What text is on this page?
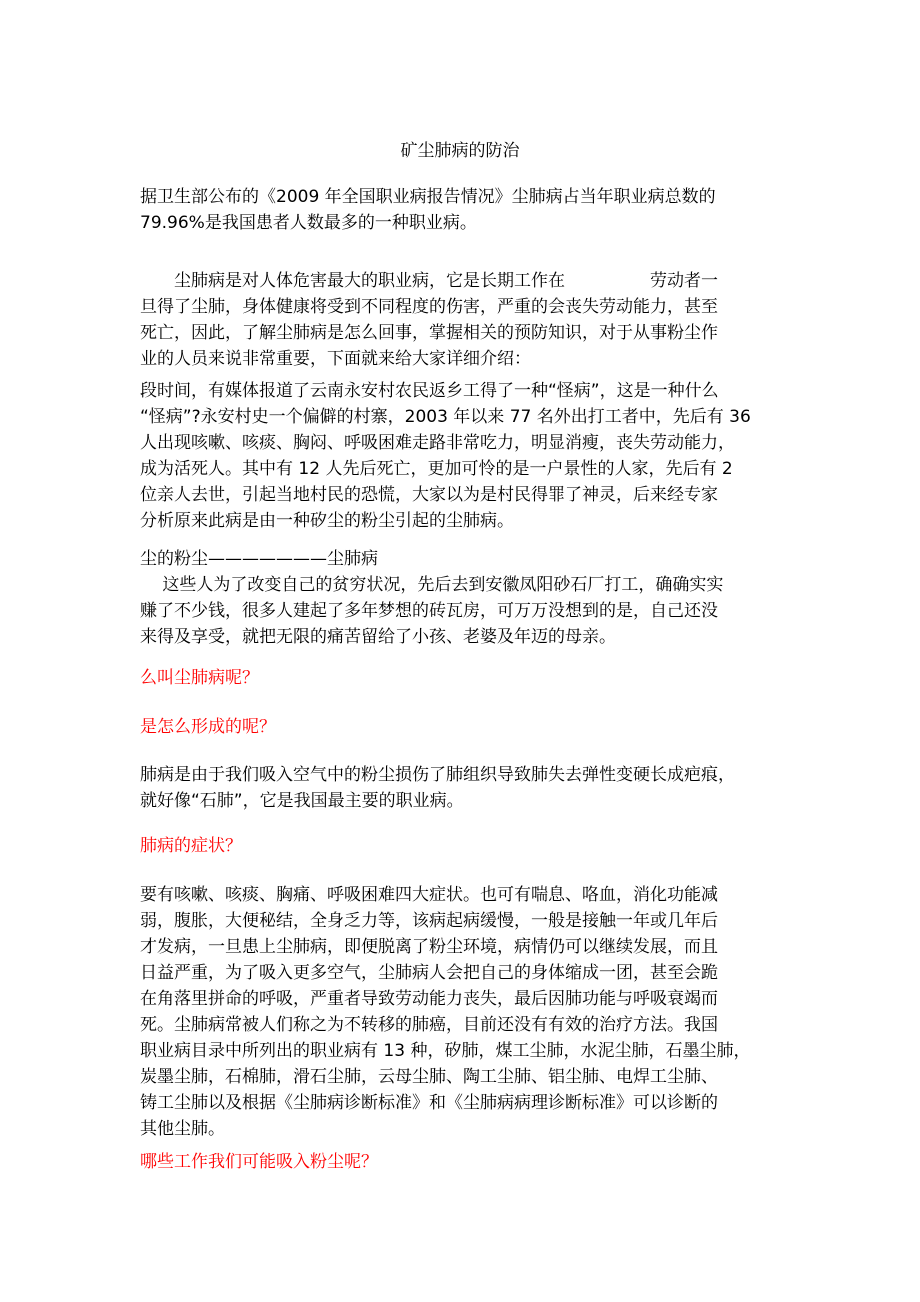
矿尘肺病的防治
据卫生部公布的《2009 年全国职业病报告情况》尘肺病占当年职业病总数的
79.96%是我国患者人数最多的一种职业病。
　　尘肺病是对人体危害最大的职业病，它是长期工作在　　　　　劳动者一
旦得了尘肺，身体健康将受到不同程度的伤害，严重的会丧失劳动能力，甚至
死亡，因此，了解尘肺病是怎么回事，掌握相关的预防知识，对于从事粉尘作
业的人员来说非常重要，下面就来给大家详细介绍：
段时间，有媒体报道了云南永安村农民返乡工得了一种“怪病”，这是一种什么
“怪病”?永安村史一个偏僻的村寨，2003 年以来 77 名外出打工者中，先后有 36
人出现咳嗽、咳痰、胸闷、呼吸困难走路非常吃力，明显消瘦，丧失劳动能力，
成为活死人。其中有 12 人先后死亡，更加可怜的是一户景性的人家，先后有 2
位亲人去世，引起当地村民的恐慌，大家以为是村民得罪了神灵，后来经专家
分析原来此病是由一种矽尘的粉尘引起的尘肺病。
尘的粉尘———————尘肺病
　 这些人为了改变自己的贫穷状况，先后去到安徽凤阳砂石厂打工，确确实实
赚了不少钱，很多人建起了多年梦想的砖瓦房，可万万没想到的是，自己还没
来得及享受，就把无限的痛苦留给了小孩、老婆及年迈的母亲。
么叫尘肺病呢？
是怎么形成的呢？
肺病是由于我们吸入空气中的粉尘损伤了肺组织导致肺失去弹性变硬长成疤痕，
就好像“石肺”，它是我国最主要的职业病。
肺病的症状？
要有咳嗽、咳痰、胸痛、呼吸困难四大症状。也可有喘息、咯血，消化功能减
弱，腹胀，大便秘结，全身乏力等，该病起病缓慢，一般是接触一年或几年后
才发病，一旦患上尘肺病，即便脱离了粉尘环境，病情仍可以继续发展，而且
日益严重，为了吸入更多空气，尘肺病人会把自己的身体缩成一团，甚至会跪
在角落里拼命的呼吸，严重者导致劳动能力丧失，最后因肺功能与呼吸衰竭而
死。尘肺病常被人们称之为不转移的肺癌，目前还没有有效的治疗方法。我国
职业病目录中所列出的职业病有 13 种，矽肺，煤工尘肺，水泥尘肺，石墨尘肺，
炭墨尘肺，石棉肺，滑石尘肺，云母尘肺、陶工尘肺、铝尘肺、电焊工尘肺、
铸工尘肺以及根据《尘肺病诊断标准》和《尘肺病病理诊断标准》可以诊断的
其他尘肺。
哪些工作我们可能吸入粉尘呢？
